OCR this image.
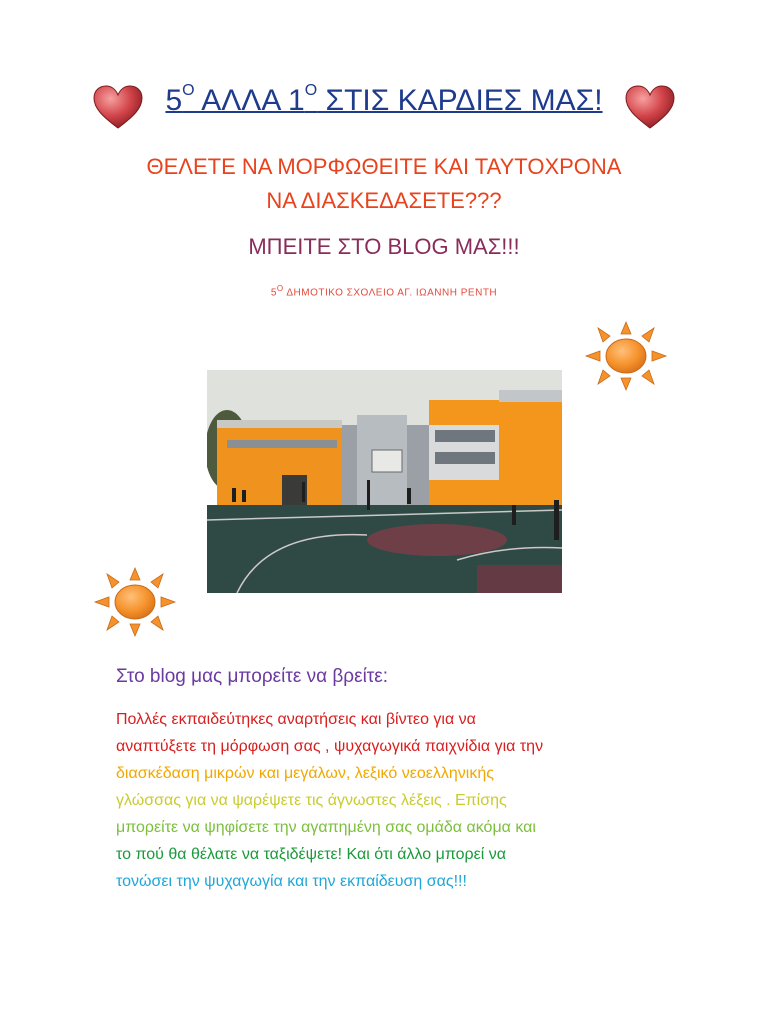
$5^O$ ΑΛΛΑ $1^O$ ΣΤΙΣ ΚΑΡΔΙΕΣ ΜΑΣ!
ΘΕΛΕΤΕ ΝΑ ΜΟΡΦΩΘΕΙΤΕ ΚΑΙ ΤΑΥΤΟΧΡΟΝΑ
ΝΑ ΔΙΑΣΚΕΔΑΣΕΤΕ???
ΜΠΕΙΤΕ ΣΤΟ BLOG ΜΑΣ!!!
$5^O$ ΔΗΜΟΤΙΚΟ ΣΧΟΛΕΙΟ ΑΓ. ΙΩΑΝΝΗ ΡΕΝΤΗ
Στο blog μας μπορείτε να βρείτε:
Πολλές εκπαιδεύτηκες αναρτήσεις και βίντεο για να
αναπτύξετε τη μόρφωση σας , ψυχαγωγικά παιχνίδια για την
διασκέδαση μικρών και μεγάλων, λεξικό νεοελληνικής
γλώσσας για να ψαρέψετε τις άγνωστες λέξεις . Επίσης
μπορείτε να ψηφίσετε την αγαπημένη σας ομάδα ακόμα και
το πού θα θέλατε να ταξιδέψετε! Και ότι άλλο μπορεί να
τονώσει την ψυχαγωγία και την εκπαίδευση σας!!!
